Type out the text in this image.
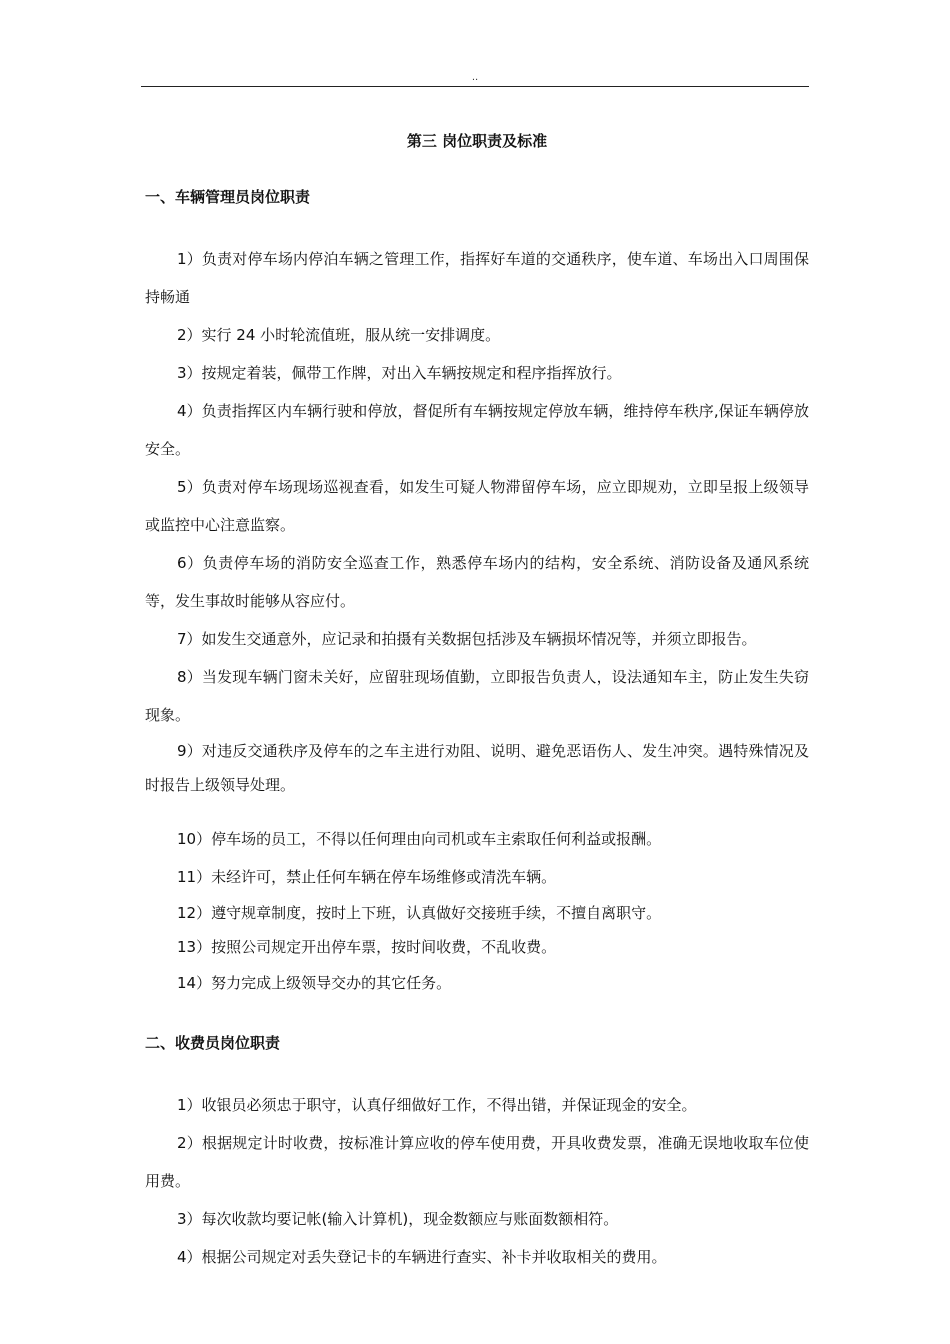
..
第三 岗位职责及标准
一、车辆管理员岗位职责

1）负责对停车场内停泊车辆之管理工作，指挥好车道的交通秩序，使车道、车场出入口周围保持畅通

2）实行 24 小时轮流值班，服从统一安排调度。

3）按规定着装，佩带工作牌，对出入车辆按规定和程序指挥放行。

4）负责指挥区内车辆行驶和停放，督促所有车辆按规定停放车辆，维持停车秩序,保证车辆停放安全。

5）负责对停车场现场巡视查看，如发生可疑人物滞留停车场，应立即规劝，立即呈报上级领导或监控中心注意监察。

6）负责停车场的消防安全巡查工作，熟悉停车场内的结构，安全系统、消防设备及通风系统等，发生事故时能够从容应付。

7）如发生交通意外，应记录和拍摄有关数据包括涉及车辆损坏情况等，并须立即报告。

8）当发现车辆门窗未关好，应留驻现场值勤，立即报告负责人，设法通知车主，防止发生失窃现象。

9）对违反交通秩序及停车的之车主进行劝阻、说明、避免恶语伤人、发生冲突。遇特殊情况及时报告上级领导处理。

10）停车场的员工，不得以任何理由向司机或车主索取任何利益或报酬。

11）未经许可，禁止任何车辆在停车场维修或清洗车辆。

12）遵守规章制度，按时上下班，认真做好交接班手续，不擅自离职守。

13）按照公司规定开出停车票，按时间收费，不乱收费。

14）努力完成上级领导交办的其它任务。

二、收费员岗位职责

1）收银员必须忠于职守，认真仔细做好工作，不得出错，并保证现金的安全。

2）根据规定计时收费，按标准计算应收的停车使用费，开具收费发票，准确无误地收取车位使用费。

3）每次收款均要记帐(输入计算机)，现金数额应与账面数额相符。

4）根据公司规定对丢失登记卡的车辆进行查实、补卡并收取相关的费用。
